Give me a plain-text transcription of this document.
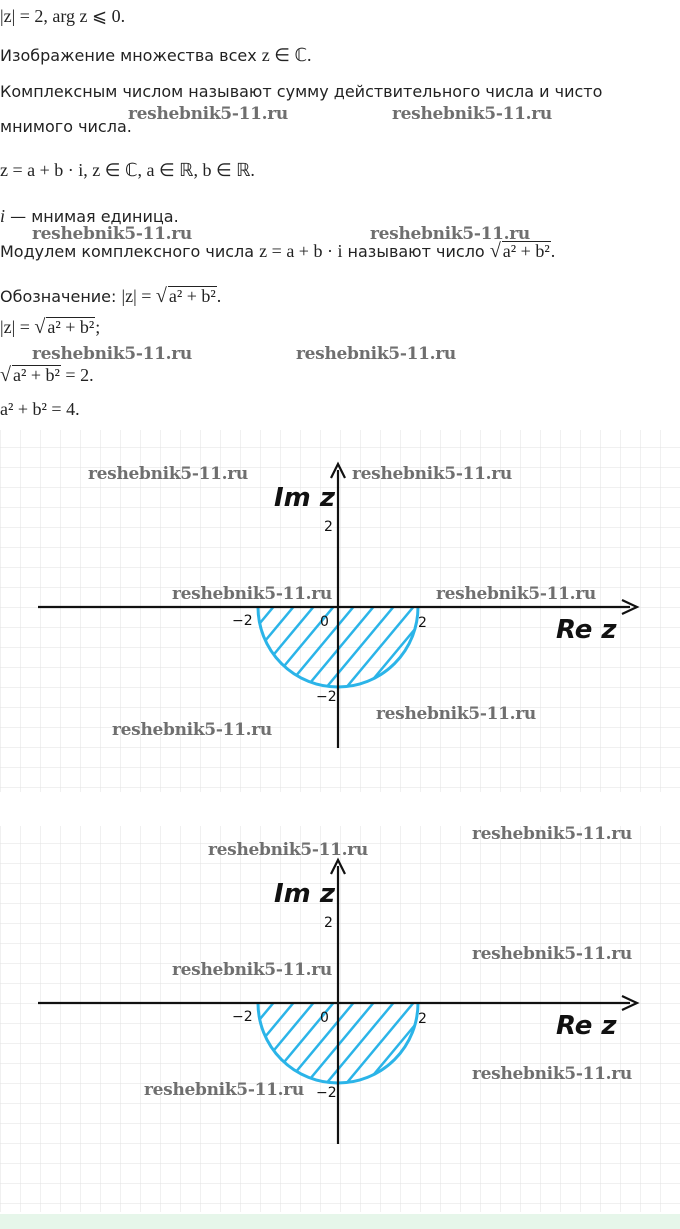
|z| = 2, arg z ⩽ 0.
Изображение множества всех z ∈ ℂ.
Комплексным числом называют сумму действительного числа и чисто
мнимого числа.
z = a + b · i, z ∈ ℂ, a ∈ ℝ, b ∈ ℝ.
i — мнимая единица.
Модулем комплексного числа z = a + b · i называют число √ a² + b².
Обозначение: |z| = √ a² + b².
|z| = √ a² + b²;
√ a² + b² = 2.
a² + b² = 4.
reshebnik5-11.ru	reshebnik5-11.ru
reshebnik5-11.ru	reshebnik5-11.ru
reshebnik5-11.ru	reshebnik5-11.ru
Im z
Re z
2
−2
−2	2
0
reshebnik5-11.ru	reshebnik5-11.ru
reshebnik5-11.ru	reshebnik5-11.ru
reshebnik5-11.ru
reshebnik5-11.ru
Im z
Re z
2
−2
−2	2
0
reshebnik5-11.ru
reshebnik5-11.ru
reshebnik5-11.ru
reshebnik5-11.ru
reshebnik5-11.ru
reshebnik5-11.ru
